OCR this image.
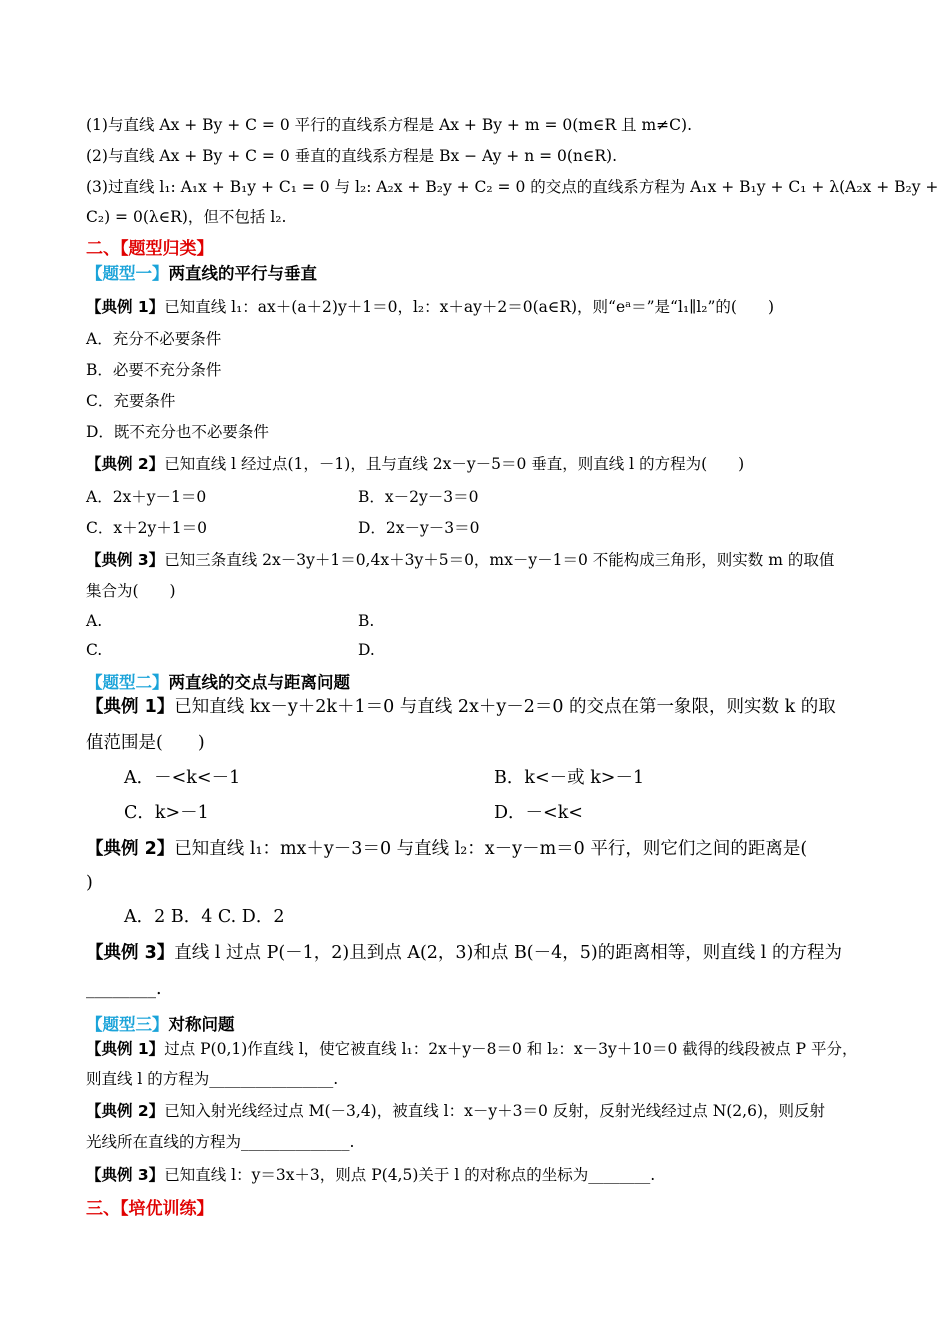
(1)与直线 Ax + By + C = 0 平行的直线系方程是 Ax + By + m = 0(m∈R 且 m≠C).
(2)与直线 Ax + By + C = 0 垂直的直线系方程是 Bx − Ay + n = 0(n∈R).
(3)过直线 l₁: A₁x + B₁y + C₁ = 0 与 l₂: A₂x + B₂y + C₂ = 0 的交点的直线系方程为 A₁x + B₁y + C₁ + λ(A₂x + B₂y +
C₂) = 0(λ∈R)，但不包括 l₂.
二、【题型归类】
【题型一】两直线的平行与垂直
【典例 1】已知直线 l₁：ax＋(a＋2)y＋1＝0，l₂：x＋ay＋2＝0(a∈R)，则“eᵃ＝”是“l₁∥l₂”的(　　)
A．充分不必要条件
B．必要不充分条件
C．充要条件
D．既不充分也不必要条件
【典例 2】已知直线 l 经过点(1，－1)，且与直线 2x－y－5＝0 垂直，则直线 l 的方程为(　　)
A．2x＋y－1＝0	B．x－2y－3＝0
C．x＋2y＋1＝0	D．2x－y－3＝0
【典例 3】已知三条直线 2x－3y＋1＝0,4x＋3y＋5＝0，mx－y－1＝0 不能构成三角形，则实数 m 的取值
集合为(　　)
A.	B.
C.	D.
【题型二】两直线的交点与距离问题
【典例 1】已知直线 kx－y＋2k＋1＝0 与直线 2x＋y－2＝0 的交点在第一象限，则实数 k 的取
值范围是(　　)
A．－<k<－1	B．k<－或 k>－1
C．k>－1	D．－<k<
【典例 2】已知直线 l₁：mx＋y－3＝0 与直线 l₂：x－y－m＝0 平行，则它们之间的距离是(
)
A．2 B．4 C. D．2
【典例 3】直线 l 过点 P(－1，2)且到点 A(2，3)和点 B(－4，5)的距离相等，则直线 l 的方程为
________.
【题型三】对称问题
【典例 1】过点 P(0,1)作直线 l，使它被直线 l₁：2x＋y－8＝0 和 l₂：x－3y＋10＝0 截得的线段被点 P 平分，
则直线 l 的方程为________________.
【典例 2】已知入射光线经过点 M(－3,4)，被直线 l：x－y＋3＝0 反射，反射光线经过点 N(2,6)，则反射
光线所在直线的方程为______________.
【典例 3】已知直线 l：y＝3x＋3，则点 P(4,5)关于 l 的对称点的坐标为________.
三、【培优训练】
